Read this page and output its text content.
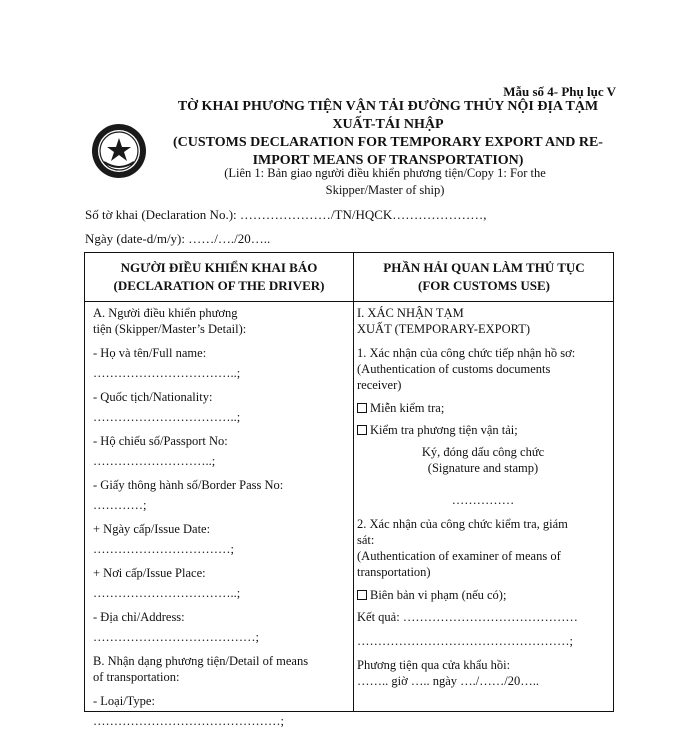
Mẫu số 4- Phụ lục V
TỜ KHAI PHƯƠNG TIỆN VẬN TẢI ĐƯỜNG THỦY NỘI ĐỊA TẠM
XUẤT-TÁI NHẬP
(CUSTOMS DECLARATION FOR TEMPORARY EXPORT AND RE-
IMPORT MEANS OF TRANSPORTATION)
(Liên 1: Bản giao người điều khiển phương tiện/Copy 1: For the
Skipper/Master of ship)
Số tờ khai (Declaration No.): …………………/TN/HQCK…………………,
Ngày (date-d/m/y): ……/…./20…..
NGƯỜI ĐIỀU KHIỂN KHAI BÁO
(DECLARATION OF THE DRIVER)
PHẦN HẢI QUAN LÀM THỦ TỤC
(FOR CUSTOMS USE)

A. Người điều khiển phương

tiện (Skipper/Master’s Detail):

- Họ và tên/Full name:

……………………………..;

- Quốc tịch/Nationality:

……………………………..;

- Hộ chiếu số/Passport No:

………………………..;

- Giấy thông hành số/Border Pass No:

…………;

+ Ngày cấp/Issue Date:

……………………………;

+ Nơi cấp/Issue Place:

……………………………..;

- Địa chỉ/Address:

…………………………………;

B. Nhận dạng phương tiện/Detail of means

of transportation:

- Loại/Type:

………………………………………;

I. XÁC NHẬN TẠM

XUẤT (TEMPORARY-EXPORT)

1. Xác nhận của công chức tiếp nhận hồ sơ:

(Authentication of customs documents

receiver)

Miễn kiểm tra;

Kiểm tra phương tiện vận tải;

Ký, đóng dấu công chức

(Signature and stamp)

……………

2. Xác nhận của công chức kiểm tra, giám

sát:

(Authentication of examiner of means of

transportation)

Biên bản vi phạm (nếu có);

Kết quả: ……………………………………

……………………………………………;

Phương tiện qua cửa khẩu hồi:

…….. giờ ….. ngày …./……/20…..
